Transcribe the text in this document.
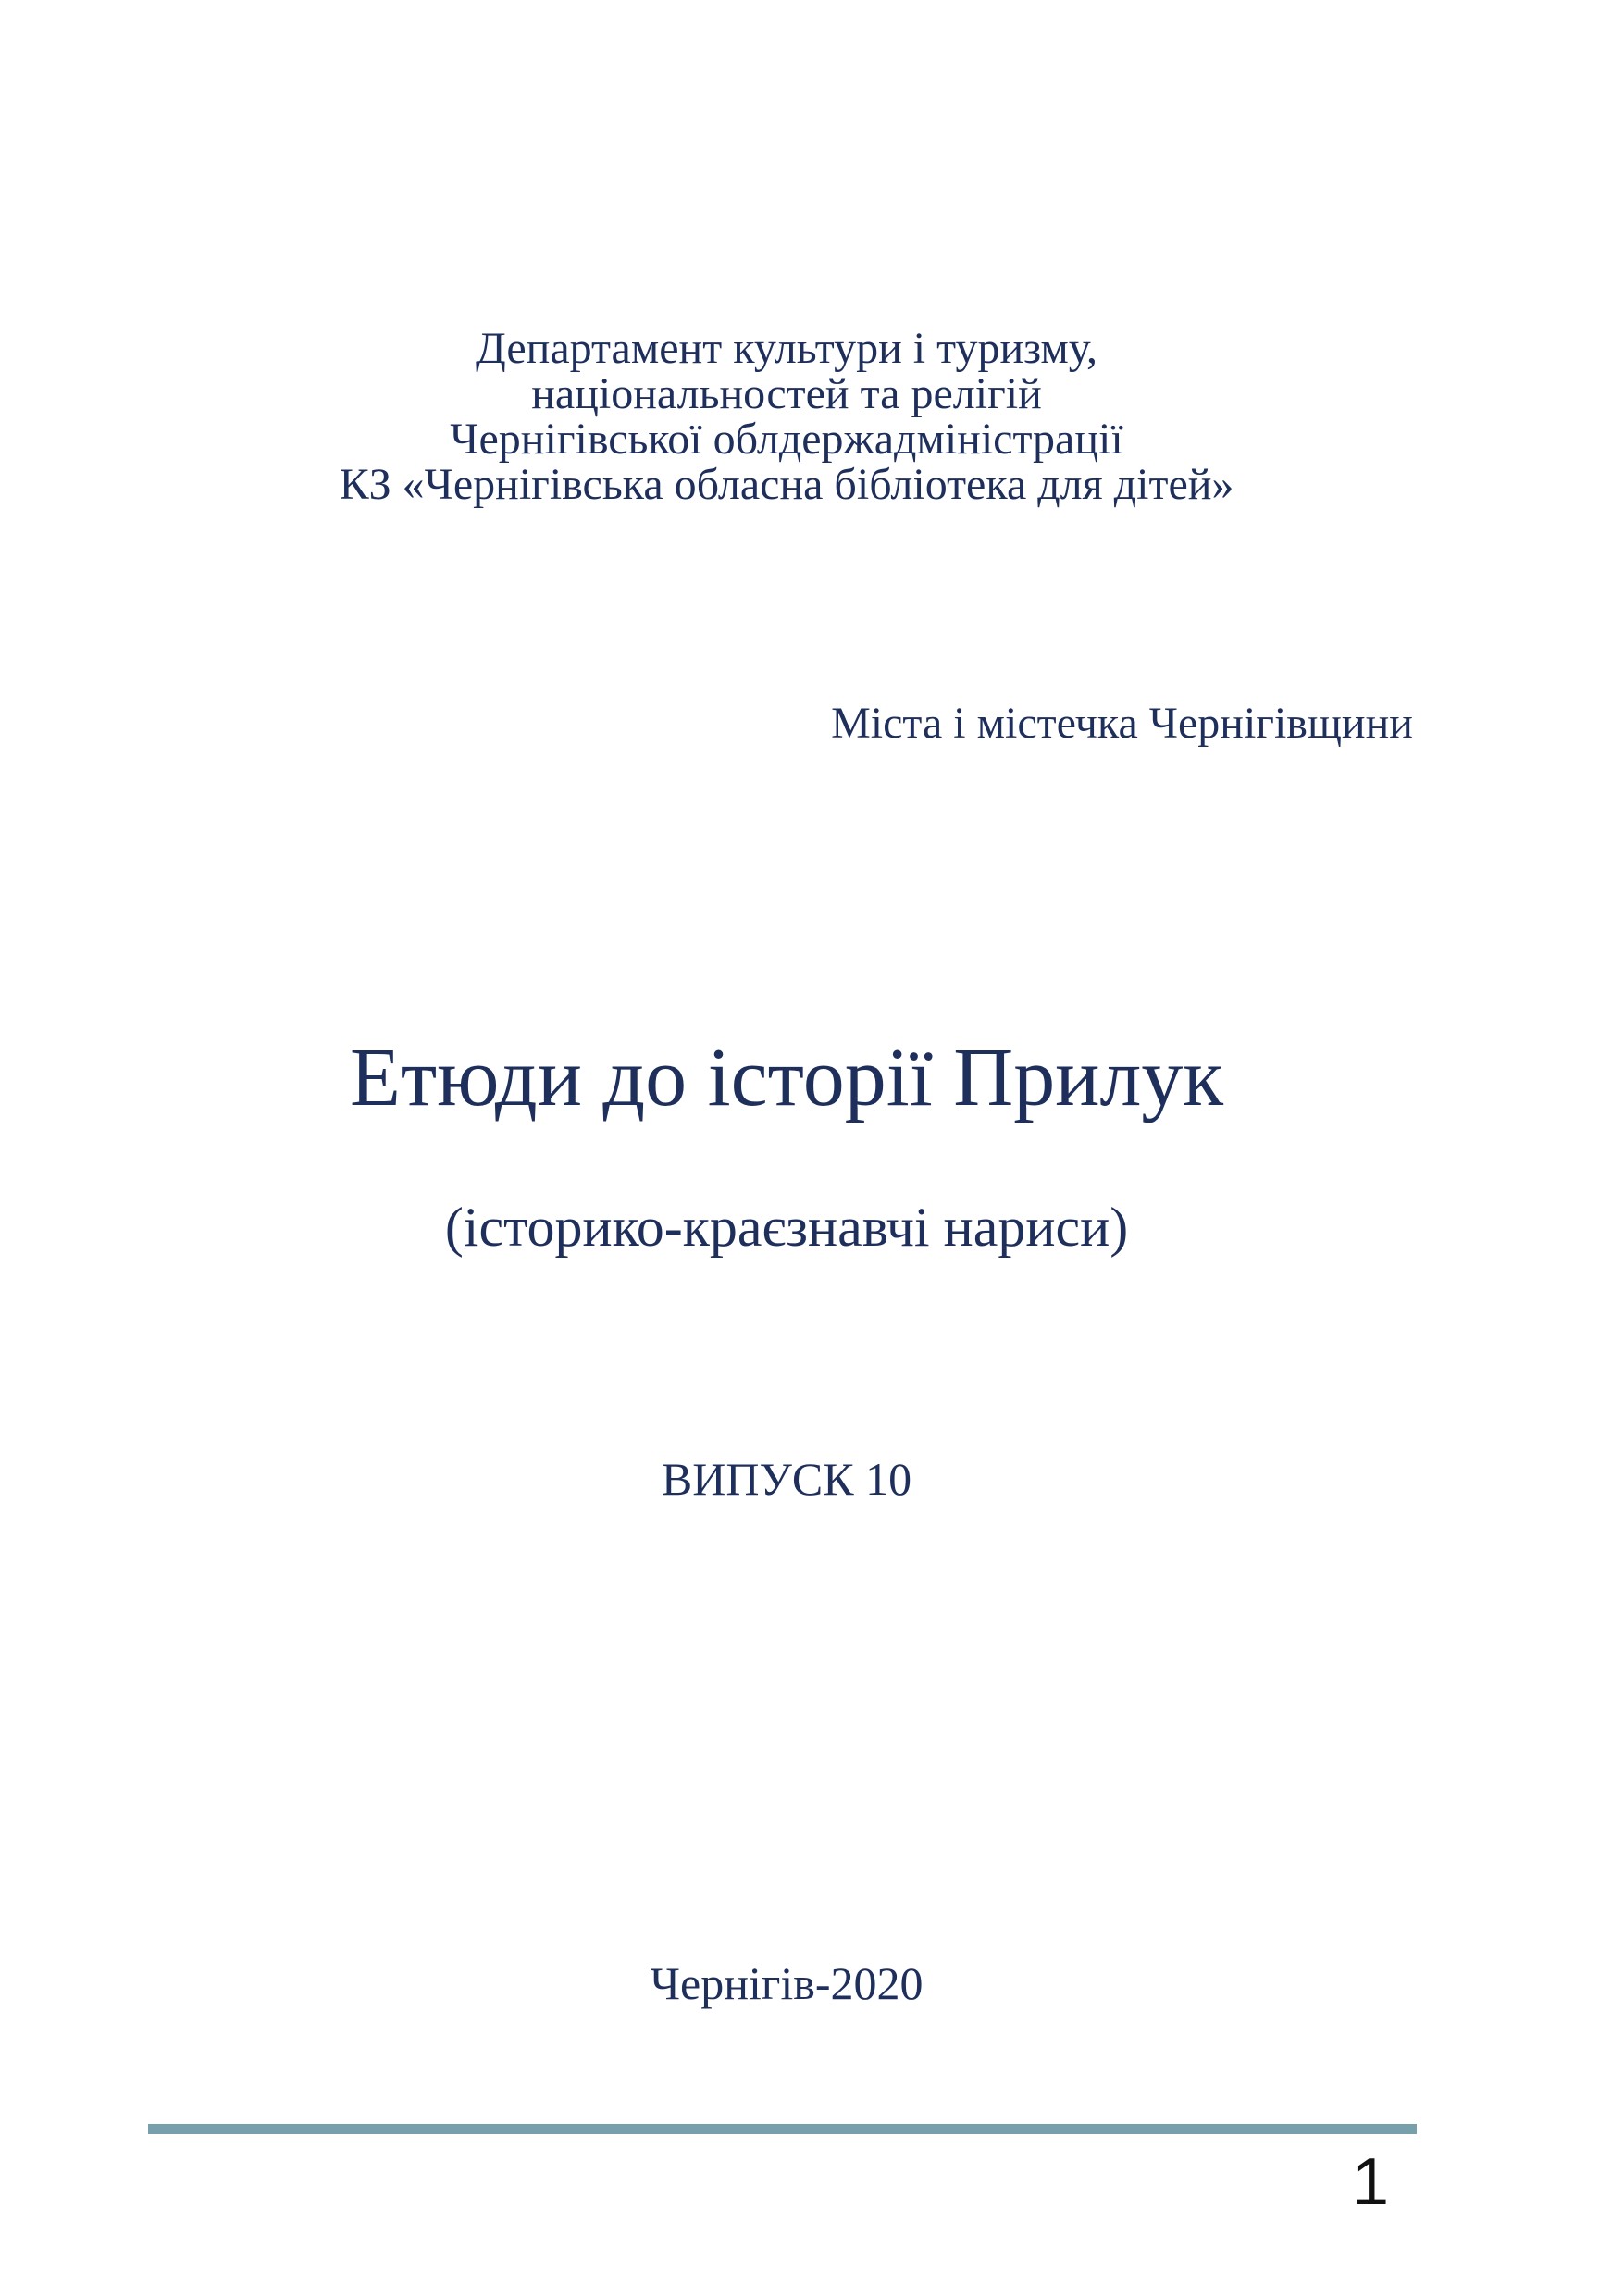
Департамент культури і туризму,

національностей та релігій

Чернігівської облдержадміністрації

КЗ «Чернігівська обласна бібліотека для дітей»

Міста і містечка Чернігівщини

Етюди до історії Прилук

(історико-краєзнавчі нариси)

ВИПУСК 10

Чернігів-2020

1
